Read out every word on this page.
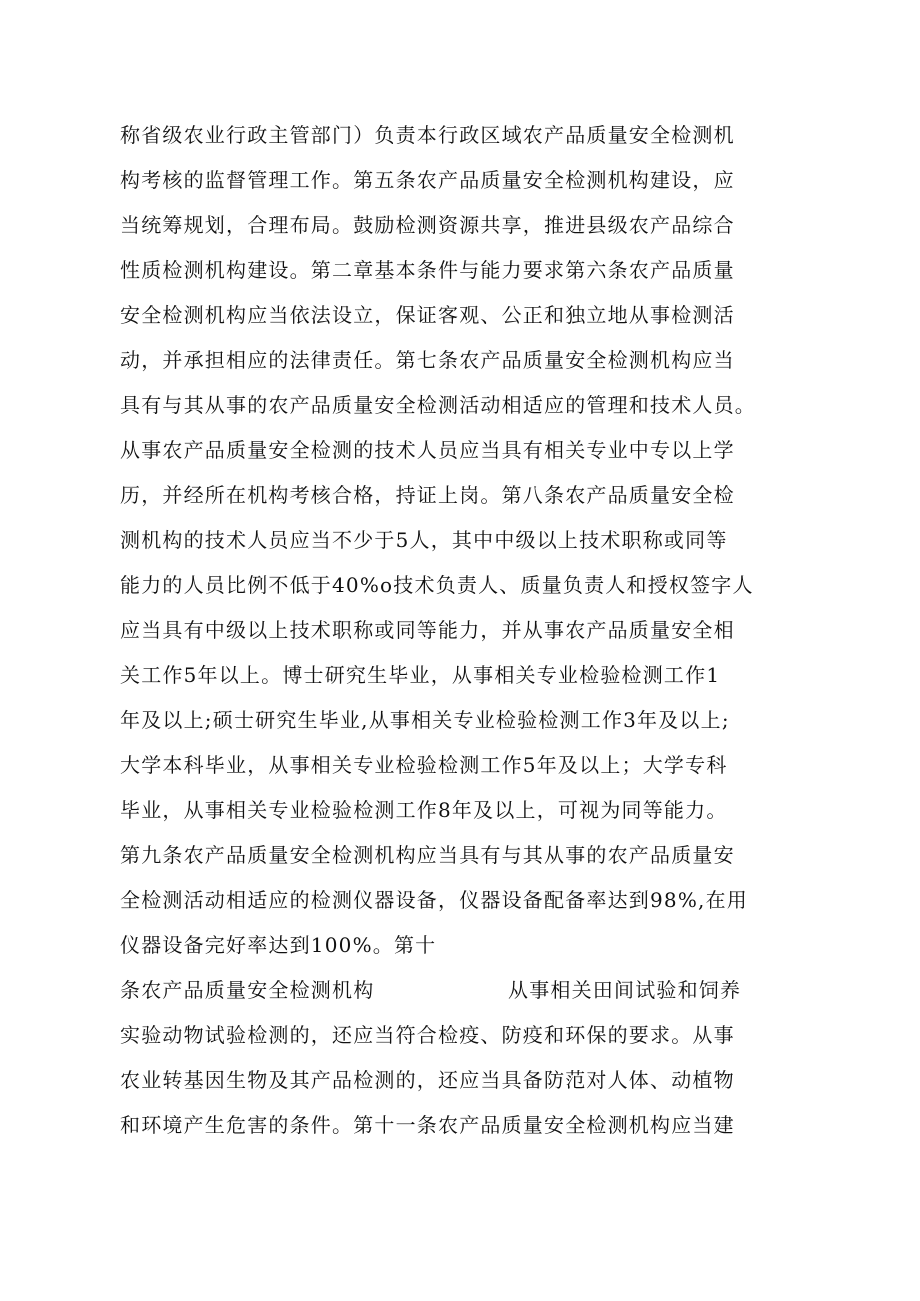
称省级农业行政主管部门）负责本行政区域农产品质量安全检测机
构考核的监督管理工作。第五条农产品质量安全检测机构建设，应
当统筹规划，合理布局。鼓励检测资源共享，推进县级农产品综合
性质检测机构建设。第二章基本条件与能力要求第六条农产品质量
安全检测机构应当依法设立，保证客观、公正和独立地从事检测活
动，并承担相应的法律责任。第七条农产品质量安全检测机构应当
具有与其从事的农产品质量安全检测活动相适应的管理和技术人员。
从事农产品质量安全检测的技术人员应当具有相关专业中专以上学
历，并经所在机构考核合格，持证上岗。第八条农产品质量安全检
测机构的技术人员应当不少于5人，其中中级以上技术职称或同等
能力的人员比例不低于40%o技术负责人、质量负责人和授权签字人
应当具有中级以上技术职称或同等能力，并从事农产品质量安全相
关工作5年以上。博士研究生毕业，从事相关专业检验检测工作1
年及以上;硕士研究生毕业,从事相关专业检验检测工作3年及以上;
大学本科毕业，从事相关专业检验检测工作5年及以上；大学专科
毕业，从事相关专业检验检测工作8年及以上，可视为同等能力。
第九条农产品质量安全检测机构应当具有与其从事的农产品质量安
全检测活动相适应的检测仪器设备，仪器设备配备率达到98%,在用
仪器设备完好率达到100%。第十
条农产品质量安全检测机构	从事相关田间试验和饲养
实验动物试验检测的，还应当符合检疫、防疫和环保的要求。从事
农业转基因生物及其产品检测的，还应当具备防范对人体、动植物
和环境产生危害的条件。第十一条农产品质量安全检测机构应当建
